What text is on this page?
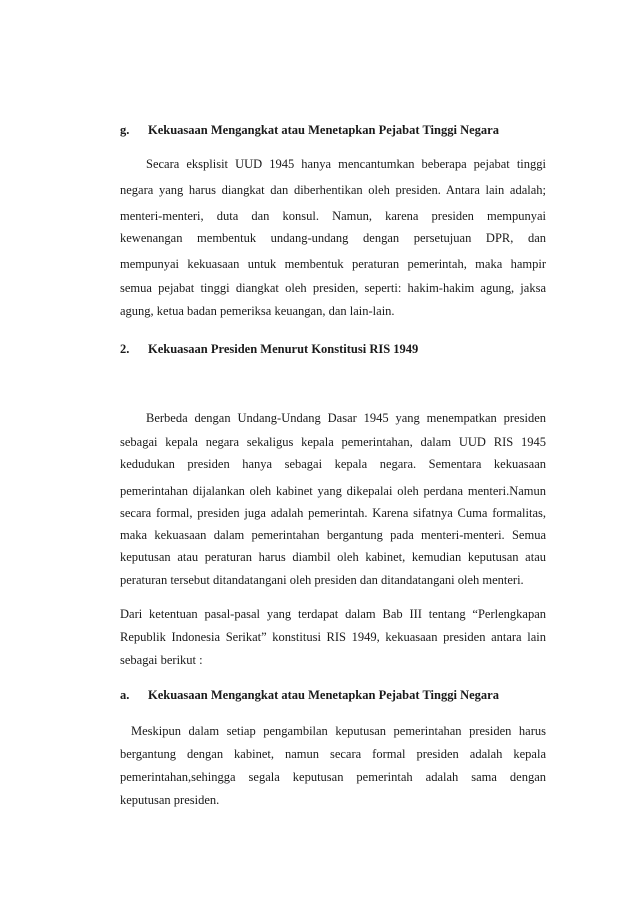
g. Kekuasaan Mengangkat atau Menetapkan Pejabat Tinggi Negara
Secara eksplisit UUD 1945 hanya mencantumkan beberapa pejabat tinggi
negara yang harus diangkat dan diberhentikan oleh presiden. Antara lain adalah;
menteri-menteri, duta dan konsul. Namun, karena presiden mempunyai
kewenangan membentuk undang-undang dengan persetujuan DPR, dan
mempunyai kekuasaan untuk membentuk peraturan pemerintah, maka hampir
semua pejabat tinggi diangkat oleh presiden, seperti: hakim-hakim agung, jaksa
agung, ketua badan pemeriksa keuangan, dan lain-lain.
2. Kekuasaan Presiden Menurut Konstitusi RIS 1949
Berbeda dengan Undang-Undang Dasar 1945 yang menempatkan presiden
sebagai kepala negara sekaligus kepala pemerintahan, dalam UUD RIS 1945
kedudukan presiden hanya sebagai kepala negara. Sementara kekuasaan
pemerintahan dijalankan oleh kabinet yang dikepalai oleh perdana menteri.Namun
secara formal, presiden juga adalah pemerintah. Karena sifatnya Cuma formalitas,
maka kekuasaan dalam pemerintahan bergantung pada menteri-menteri. Semua
keputusan atau peraturan harus diambil oleh kabinet, kemudian keputusan atau
peraturan tersebut ditandatangani oleh presiden dan ditandatangani oleh menteri.
Dari ketentuan pasal-pasal yang terdapat dalam Bab III tentang “Perlengkapan
Republik Indonesia Serikat” konstitusi RIS 1949, kekuasaan presiden antara lain
sebagai berikut :
a. Kekuasaan Mengangkat atau Menetapkan Pejabat Tinggi Negara
Meskipun dalam setiap pengambilan keputusan pemerintahan presiden harus
bergantung dengan kabinet, namun secara formal presiden adalah kepala
pemerintahan,sehingga segala keputusan pemerintah adalah sama dengan
keputusan presiden.
